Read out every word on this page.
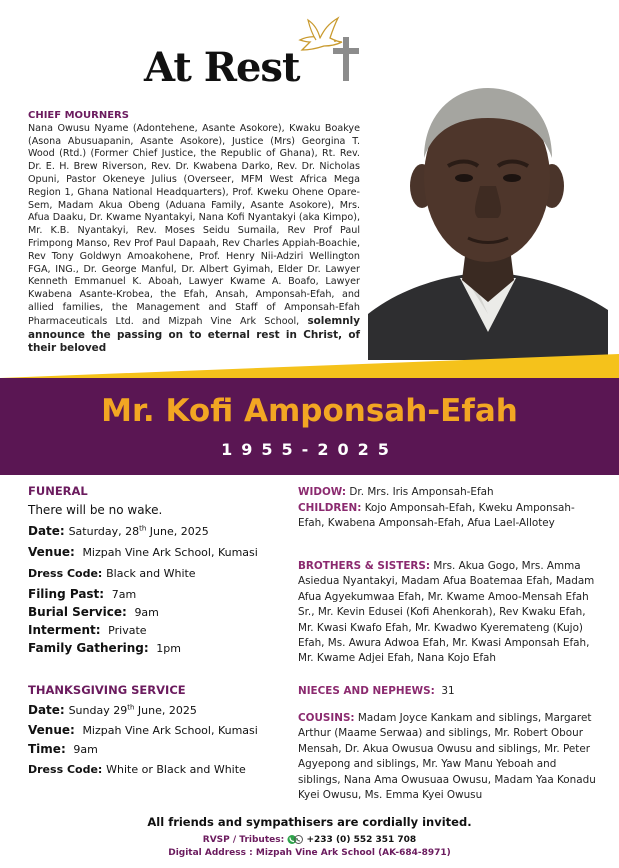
At Rest
CHIEF MOURNERS
Nana Owusu Nyame (Adontehene, Asante Asokore), Kwaku Boakye (Asona Abusuapanin, Asante Asokore), Justice (Mrs) Georgina T. Wood (Rtd.) (Former Chief Justice, the Republic of Ghana), Rt. Rev. Dr. E. H. Brew Riverson, Rev. Dr. Kwabena Darko, Rev. Dr. Nicholas Opuni, Pastor Okeneye Julius (Overseer, MFM West Africa Mega Region 1, Ghana National Headquarters), Prof. Kweku Ohene Opare-Sem, Madam Akua Obeng (Aduana Family, Asante Asokore), Mrs. Afua Daaku, Dr. Kwame Nyantakyi, Nana Kofi Nyantakyi (aka Kimpo), Mr. K.B. Nyantakyi, Rev. Moses Seidu Sumaila, Rev Prof Paul Frimpong Manso, Rev Prof Paul Dapaah, Rev Charles Appiah-Boachie, Rev Tony Goldwyn Amoakohene, Prof. Henry Nii-Adziri Wellington FGA, ING., Dr. George Manful, Dr. Albert Gyimah, Elder Dr. Lawyer Kenneth Emmanuel K. Aboah, Lawyer Kwame A. Boafo, Lawyer Kwabena Asante-Krobea, the Efah, Ansah, Amponsah-Efah, and allied families, the Management and Staff of Amponsah-Efah Pharmaceuticals Ltd. and Mizpah Vine Ark School, solemnly announce the passing on to eternal rest in Christ, of their beloved
Mr. Kofi Amponsah-Efah
1955-2025
FUNERAL
There will be no wake.
Date: Saturday, 28th June, 2025
Venue: Mizpah Vine Ark School, Kumasi
Dress Code: Black and White
Filing Past: 7am
Burial Service: 9am
Interment: Private
Family Gathering: 1pm
THANKSGIVING SERVICE
Date: Sunday 29th June, 2025
Venue: Mizpah Vine Ark School, Kumasi
Time: 9am
Dress Code: White or Black and White
WIDOW: Dr. Mrs. Iris Amponsah-Efah
CHILDREN: Kojo Amponsah-Efah, Kweku Amponsah-Efah, Kwabena Amponsah-Efah, Afua Lael-Allotey
BROTHERS & SISTERS: Mrs. Akua Gogo, Mrs. Amma Asiedua Nyantakyi, Madam Afua Boatemaa Efah, Madam Afua Agyekumwaa Efah, Mr. Kwame Amoo-Mensah Efah Sr., Mr. Kevin Edusei (Kofi Ahenkorah), Rev Kwaku Efah, Mr. Kwasi Kwafo Efah, Mr. Kwadwo Kyeremateng (Kujo) Efah, Ms. Awura Adwoa Efah, Mr. Kwasi Amponsah Efah, Mr. Kwame Adjei Efah, Nana Kojo Efah
NIECES AND NEPHEWS: 31
COUSINS: Madam Joyce Kankam and siblings, Margaret Arthur (Maame Serwaa) and siblings, Mr. Robert Obour Mensah, Dr. Akua Owusua Owusu and siblings, Mr. Peter Agyepong and siblings, Mr. Yaw Manu Yeboah and siblings, Nana Ama Owusuaa Owusu, Madam Yaa Konadu Kyei Owusu, Ms. Emma Kyei Owusu
All friends and sympathisers are cordially invited.
RVSP / Tributes: +233 (0) 552 351 708
Digital Address : Mizpah Vine Ark School (AK-684-8971)
